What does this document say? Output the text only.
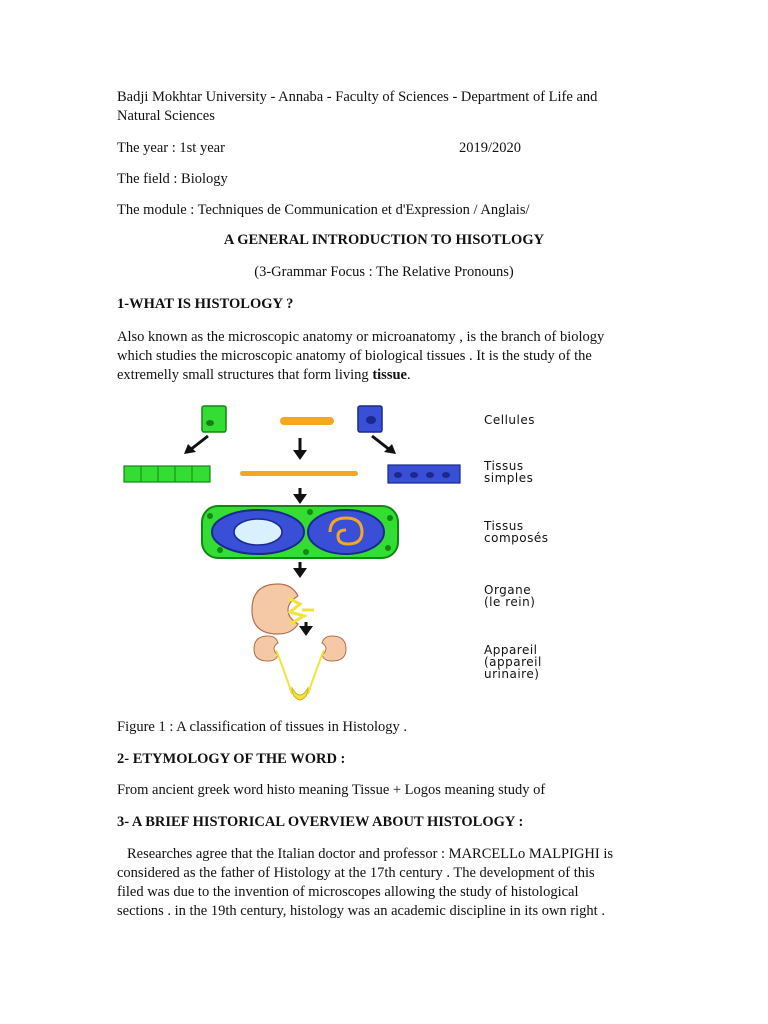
Badji Mokhtar University - Annaba - Faculty of Sciences - Department of Life and
Natural Sciences
The year : 1st year	2019/2020
The field : Biology
The module : Techniques de Communication et d'Expression / Anglais/
A GENERAL INTRODUCTION TO HISOTLOGY
(3-Grammar Focus : The Relative Pronouns)
1-WHAT IS HISTOLOGY ?
Also known as the microscopic anatomy or microanatomy , is the branch of biology
which studies the microscopic anatomy of biological tissues . It is the study of the
extremelly small structures that form living tissue.
Cellules
Tissus
simples
Tissus
composés
Organe
(le rein)
Appareil
(appareil
urinaire)
Figure 1 : A classification of tissues in Histology .
2- ETYMOLOGY OF THE WORD :
From ancient greek word histo meaning Tissue + Logos meaning study of
3- A BRIEF HISTORICAL OVERVIEW ABOUT HISTOLOGY :
Researches agree that the Italian doctor and professor : MARCELLo MALPIGHI is
considered as the father of Histology at the 17th century . The development of this
filed was due to the invention of microscopes allowing the study of histological
sections . in the 19th century, histology was an academic discipline in its own right .
